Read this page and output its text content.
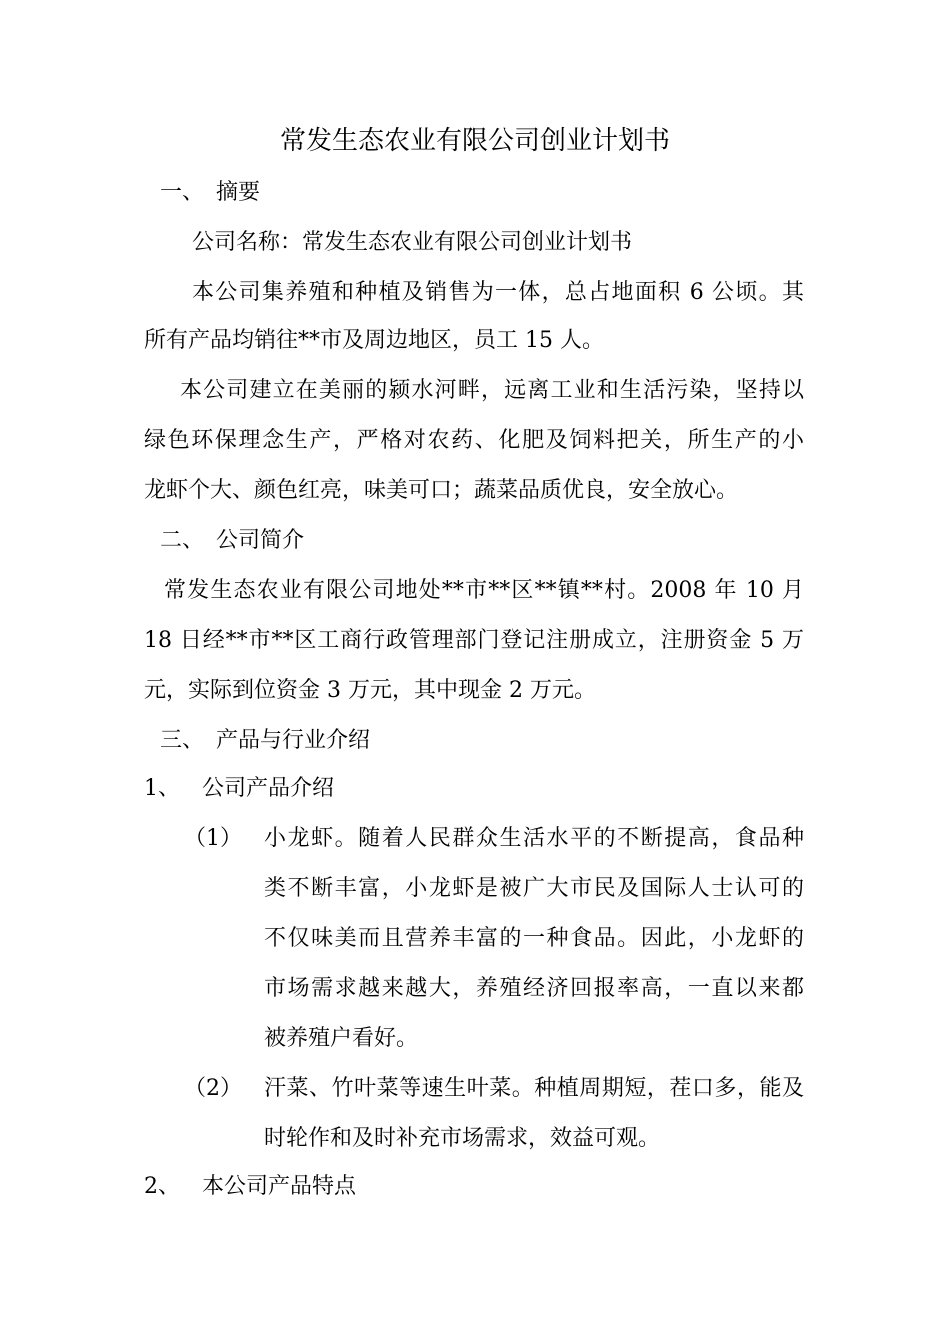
常发生态农业有限公司创业计划书
一、 摘要
公司名称：常发生态农业有限公司创业计划书
本公司集养殖和种植及销售为一体，总占地面积 6 公顷。其
所有产品均销往**市及周边地区，员工 15 人。
本公司建立在美丽的颍水河畔，远离工业和生活污染，坚持以
绿色环保理念生产，严格对农药、化肥及饲料把关，所生产的小
龙虾个大、颜色红亮，味美可口；蔬菜品质优良，安全放心。
二、 公司简介
常发生态农业有限公司地处**市**区**镇**村。2008 年 10 月
18 日经**市**区工商行政管理部门登记注册成立，注册资金 5 万
元，实际到位资金 3 万元，其中现金 2 万元。
三、 产品与行业介绍
1、 公司产品介绍
（1） 小龙虾。随着人民群众生活水平的不断提高，食品种
类不断丰富，小龙虾是被广大市民及国际人士认可的
不仅味美而且营养丰富的一种食品。因此，小龙虾的
市场需求越来越大，养殖经济回报率高，一直以来都
被养殖户看好。
（2） 汗菜、竹叶菜等速生叶菜。种植周期短，茬口多，能及
时轮作和及时补充市场需求，效益可观。
2、 本公司产品特点
